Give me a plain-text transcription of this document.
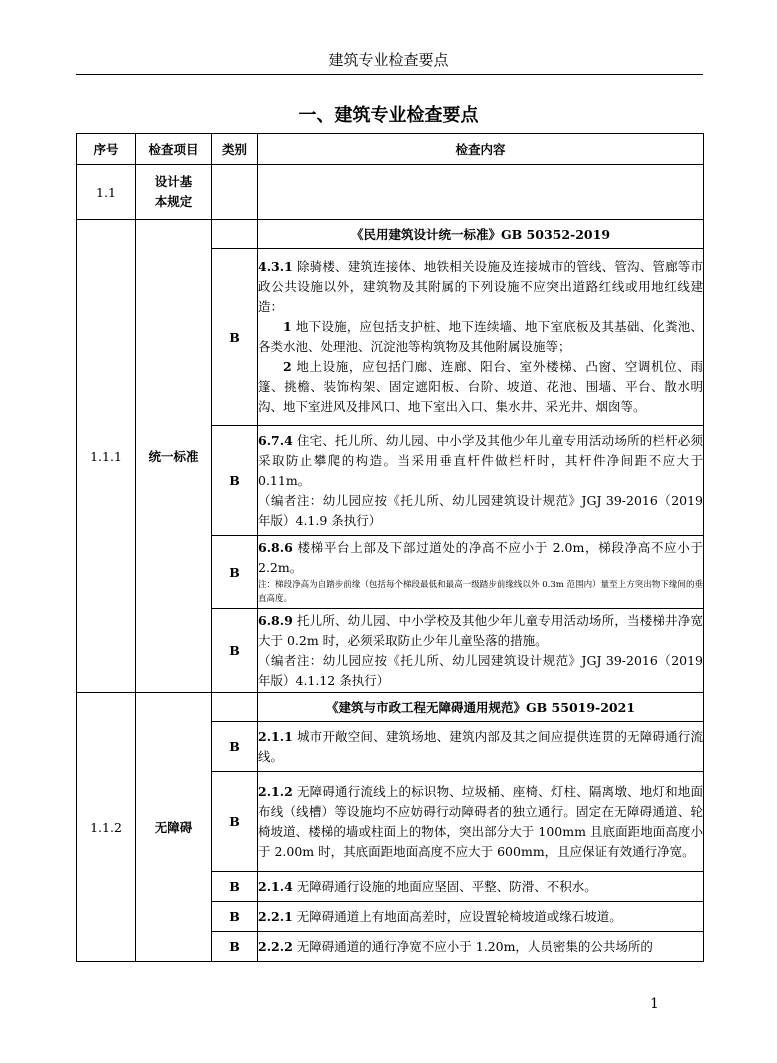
建筑专业检查要点
一、建筑专业检查要点
序号	检查项目	类别	检查内容
1.1	设计基本规定		
1.1.1	统一标准		《民用建筑设计统一标准》GB 50352-2019
		B	4.3.1 除骑楼、建筑连接体、地铁相关设施及连接城市的管线、管沟、管廊等市政公共设施以外，建筑物及其附属的下列设施不应突出道路红线或用地红线建造：
1 地下设施，应包括支护桩、地下连续墙、地下室底板及其基础、化粪池、各类水池、处理池、沉淀池等构筑物及其他附属设施等；
2 地上设施，应包括门廊、连廊、阳台、室外楼梯、凸窗、空调机位、雨篷、挑檐、装饰构架、固定遮阳板、台阶、坡道、花池、围墙、平台、散水明沟、地下室进风及排风口、地下室出入口、集水井、采光井、烟囱等。

		B	6.7.4 住宅、托儿所、幼儿园、中小学及其他少年儿童专用活动场所的栏杆必须采取防止攀爬的构造。当采用垂直杆件做栏杆时，其杆件净间距不应大于 0.11m。
（编者注：幼儿园应按《托儿所、幼儿园建筑设计规范》JGJ 39-2016（2019 年版）4.1.9 条执行）

		B	6.8.6 楼梯平台上部及下部过道处的净高不应小于 2.0m，梯段净高不应小于 2.2m。
注：梯段净高为自踏步前缘（包括每个梯段最低和最高一级踏步前缘线以外 0.3m 范围内）量至上方突出物下缘间的垂直高度。

		B	6.8.9 托儿所、幼儿园、中小学校及其他少年儿童专用活动场所，当楼梯井净宽大于 0.2m 时，必须采取防止少年儿童坠落的措施。
（编者注：幼儿园应按《托儿所、幼儿园建筑设计规范》JGJ 39-2016（2019 年版）4.1.12 条执行）

1.1.2	无障碍		《建筑与市政工程无障碍通用规范》GB 55019-2021
		B	2.1.1 城市开敞空间、建筑场地、建筑内部及其之间应提供连贯的无障碍通行流线。
		B	2.1.2 无障碍通行流线上的标识物、垃圾桶、座椅、灯柱、隔离墩、地灯和地面布线（线槽）等设施均不应妨碍行动障碍者的独立通行。固定在无障碍通道、轮椅坡道、楼梯的墙或柱面上的物体，突出部分大于 100mm 且底面距地面高度小于 2.00m 时，其底面距地面高度不应大于 600mm，且应保证有效通行净宽。
		B	2.1.4 无障碍通行设施的地面应坚固、平整、防滑、不积水。
		B	2.2.1 无障碍通道上有地面高差时，应设置轮椅坡道或缘石坡道。
		B	2.2.2 无障碍通道的通行净宽不应小于 1.20m，人员密集的公共场所的
1
